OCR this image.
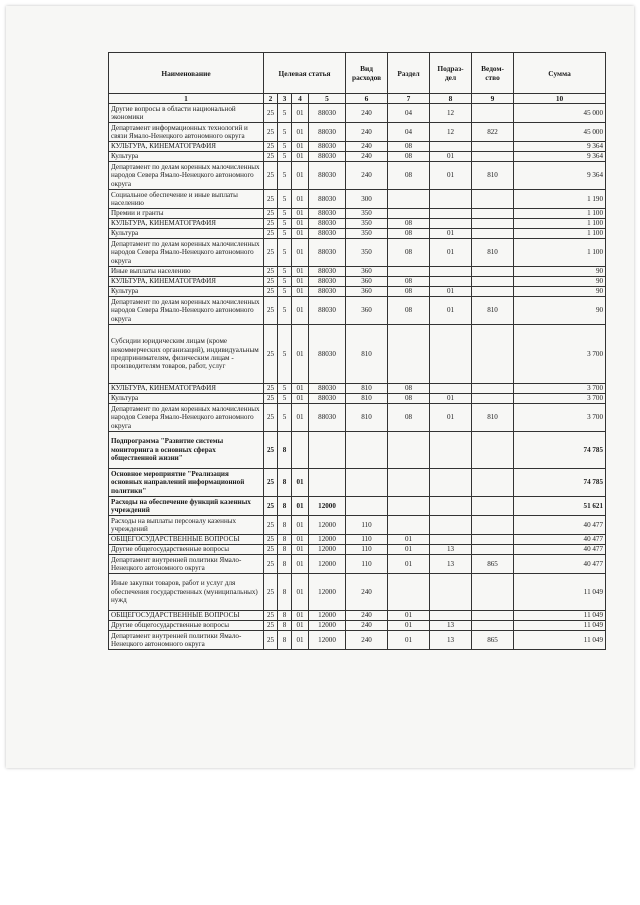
Наименование	Целевая статья				Вид расходов	Раздел	Подраз-дел	Ведом-ство	Сумма
1	2	3	4	5	6	7	8	9	10
Другие вопросы в области национальной экономики	25	5	01	88030	240	04	12		45 000
Департамент информационных технологий и связи Ямало-Ненецкого автономного округа	25	5	01	88030	240	04	12	822	45 000
КУЛЬТУРА, КИНЕМАТОГРАФИЯ	25	5	01	88030	240	08			9 364
Культура	25	5	01	88030	240	08	01		9 364
Департамент по делам коренных малочисленных народов Севера Ямало-Ненецкого автономного округа	25	5	01	88030	240	08	01	810	9 364
Социальное обеспечение и иные выплаты населению	25	5	01	88030	300				1 190
Премии и гранты	25	5	01	88030	350				1 100
КУЛЬТУРА, КИНЕМАТОГРАФИЯ	25	5	01	88030	350	08			1 100
Культура	25	5	01	88030	350	08	01		1 100
Департамент по делам коренных малочисленных народов Севера Ямало-Ненецкого автономного округа	25	5	01	88030	350	08	01	810	1 100
Иные выплаты населению	25	5	01	88030	360				90
КУЛЬТУРА, КИНЕМАТОГРАФИЯ	25	5	01	88030	360	08			90
Культура	25	5	01	88030	360	08	01		90
Департамент по делам коренных малочисленных народов Севера Ямало-Ненецкого автономного округа	25	5	01	88030	360	08	01	810	90
Субсидии юридическим лицам (кроме некоммерческих организаций), индивидуальным предпринимателям, физическим лицам - производителям товаров, работ, услуг	25	5	01	88030	810				3 700
КУЛЬТУРА, КИНЕМАТОГРАФИЯ	25	5	01	88030	810	08			3 700
Культура	25	5	01	88030	810	08	01		3 700
Департамент по делам коренных малочисленных народов Севера Ямало-Ненецкого автономного округа	25	5	01	88030	810	08	01	810	3 700
Подпрограмма "Развитие системы мониторинга в основных сферах общественной жизни"	25	8							74 785
Основное мероприятие "Реализация основных направлений информационной политики"	25	8	01						74 785
Расходы на обеспечение функций казенных учреждений	25	8	01	12000					51 621
Расходы на выплаты персоналу казенных учреждений	25	8	01	12000	110				40 477
ОБЩЕГОСУДАРСТВЕННЫЕ ВОПРОСЫ	25	8	01	12000	110	01			40 477
Другие общегосударственные вопросы	25	8	01	12000	110	01	13		40 477
Департамент внутренней политики Ямало-Ненецкого автономного округа	25	8	01	12000	110	01	13	865	40 477
Иные закупки товаров, работ и услуг для обеспечения государственных (муниципальных) нужд	25	8	01	12000	240				11 049
ОБЩЕГОСУДАРСТВЕННЫЕ ВОПРОСЫ	25	8	01	12000	240	01			11 049
Другие общегосударственные вопросы	25	8	01	12000	240	01	13		11 049
Департамент внутренней политики Ямало-Ненецкого автономного округа	25	8	01	12000	240	01	13	865	11 049
